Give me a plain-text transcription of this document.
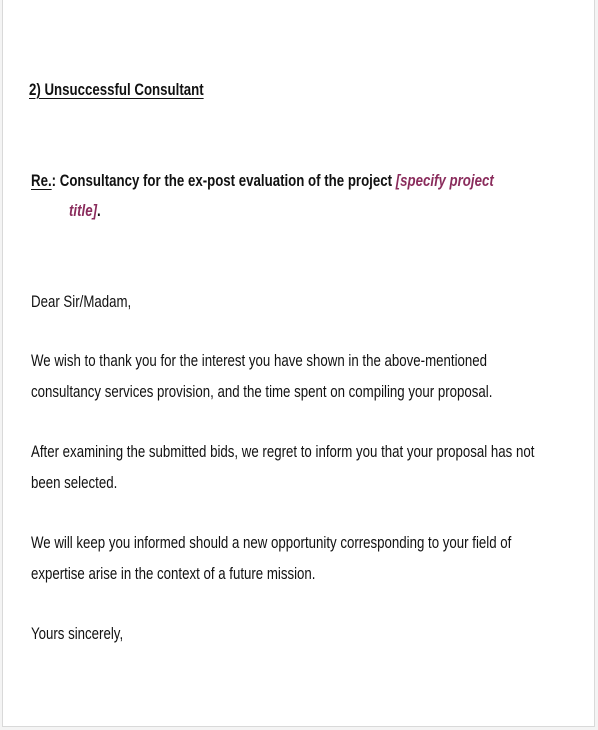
2) Unsuccessful Consultant
Re.: Consultancy for the ex-post evaluation of the project [specify project
title].
Dear Sir/Madam,
We wish to thank you for the interest you have shown in the above-mentioned
consultancy services provision, and the time spent on compiling your proposal.
After examining the submitted bids, we regret to inform you that your proposal has not
been selected.
We will keep you informed should a new opportunity corresponding to your field of
expertise arise in the context of a future mission.
Yours sincerely,
